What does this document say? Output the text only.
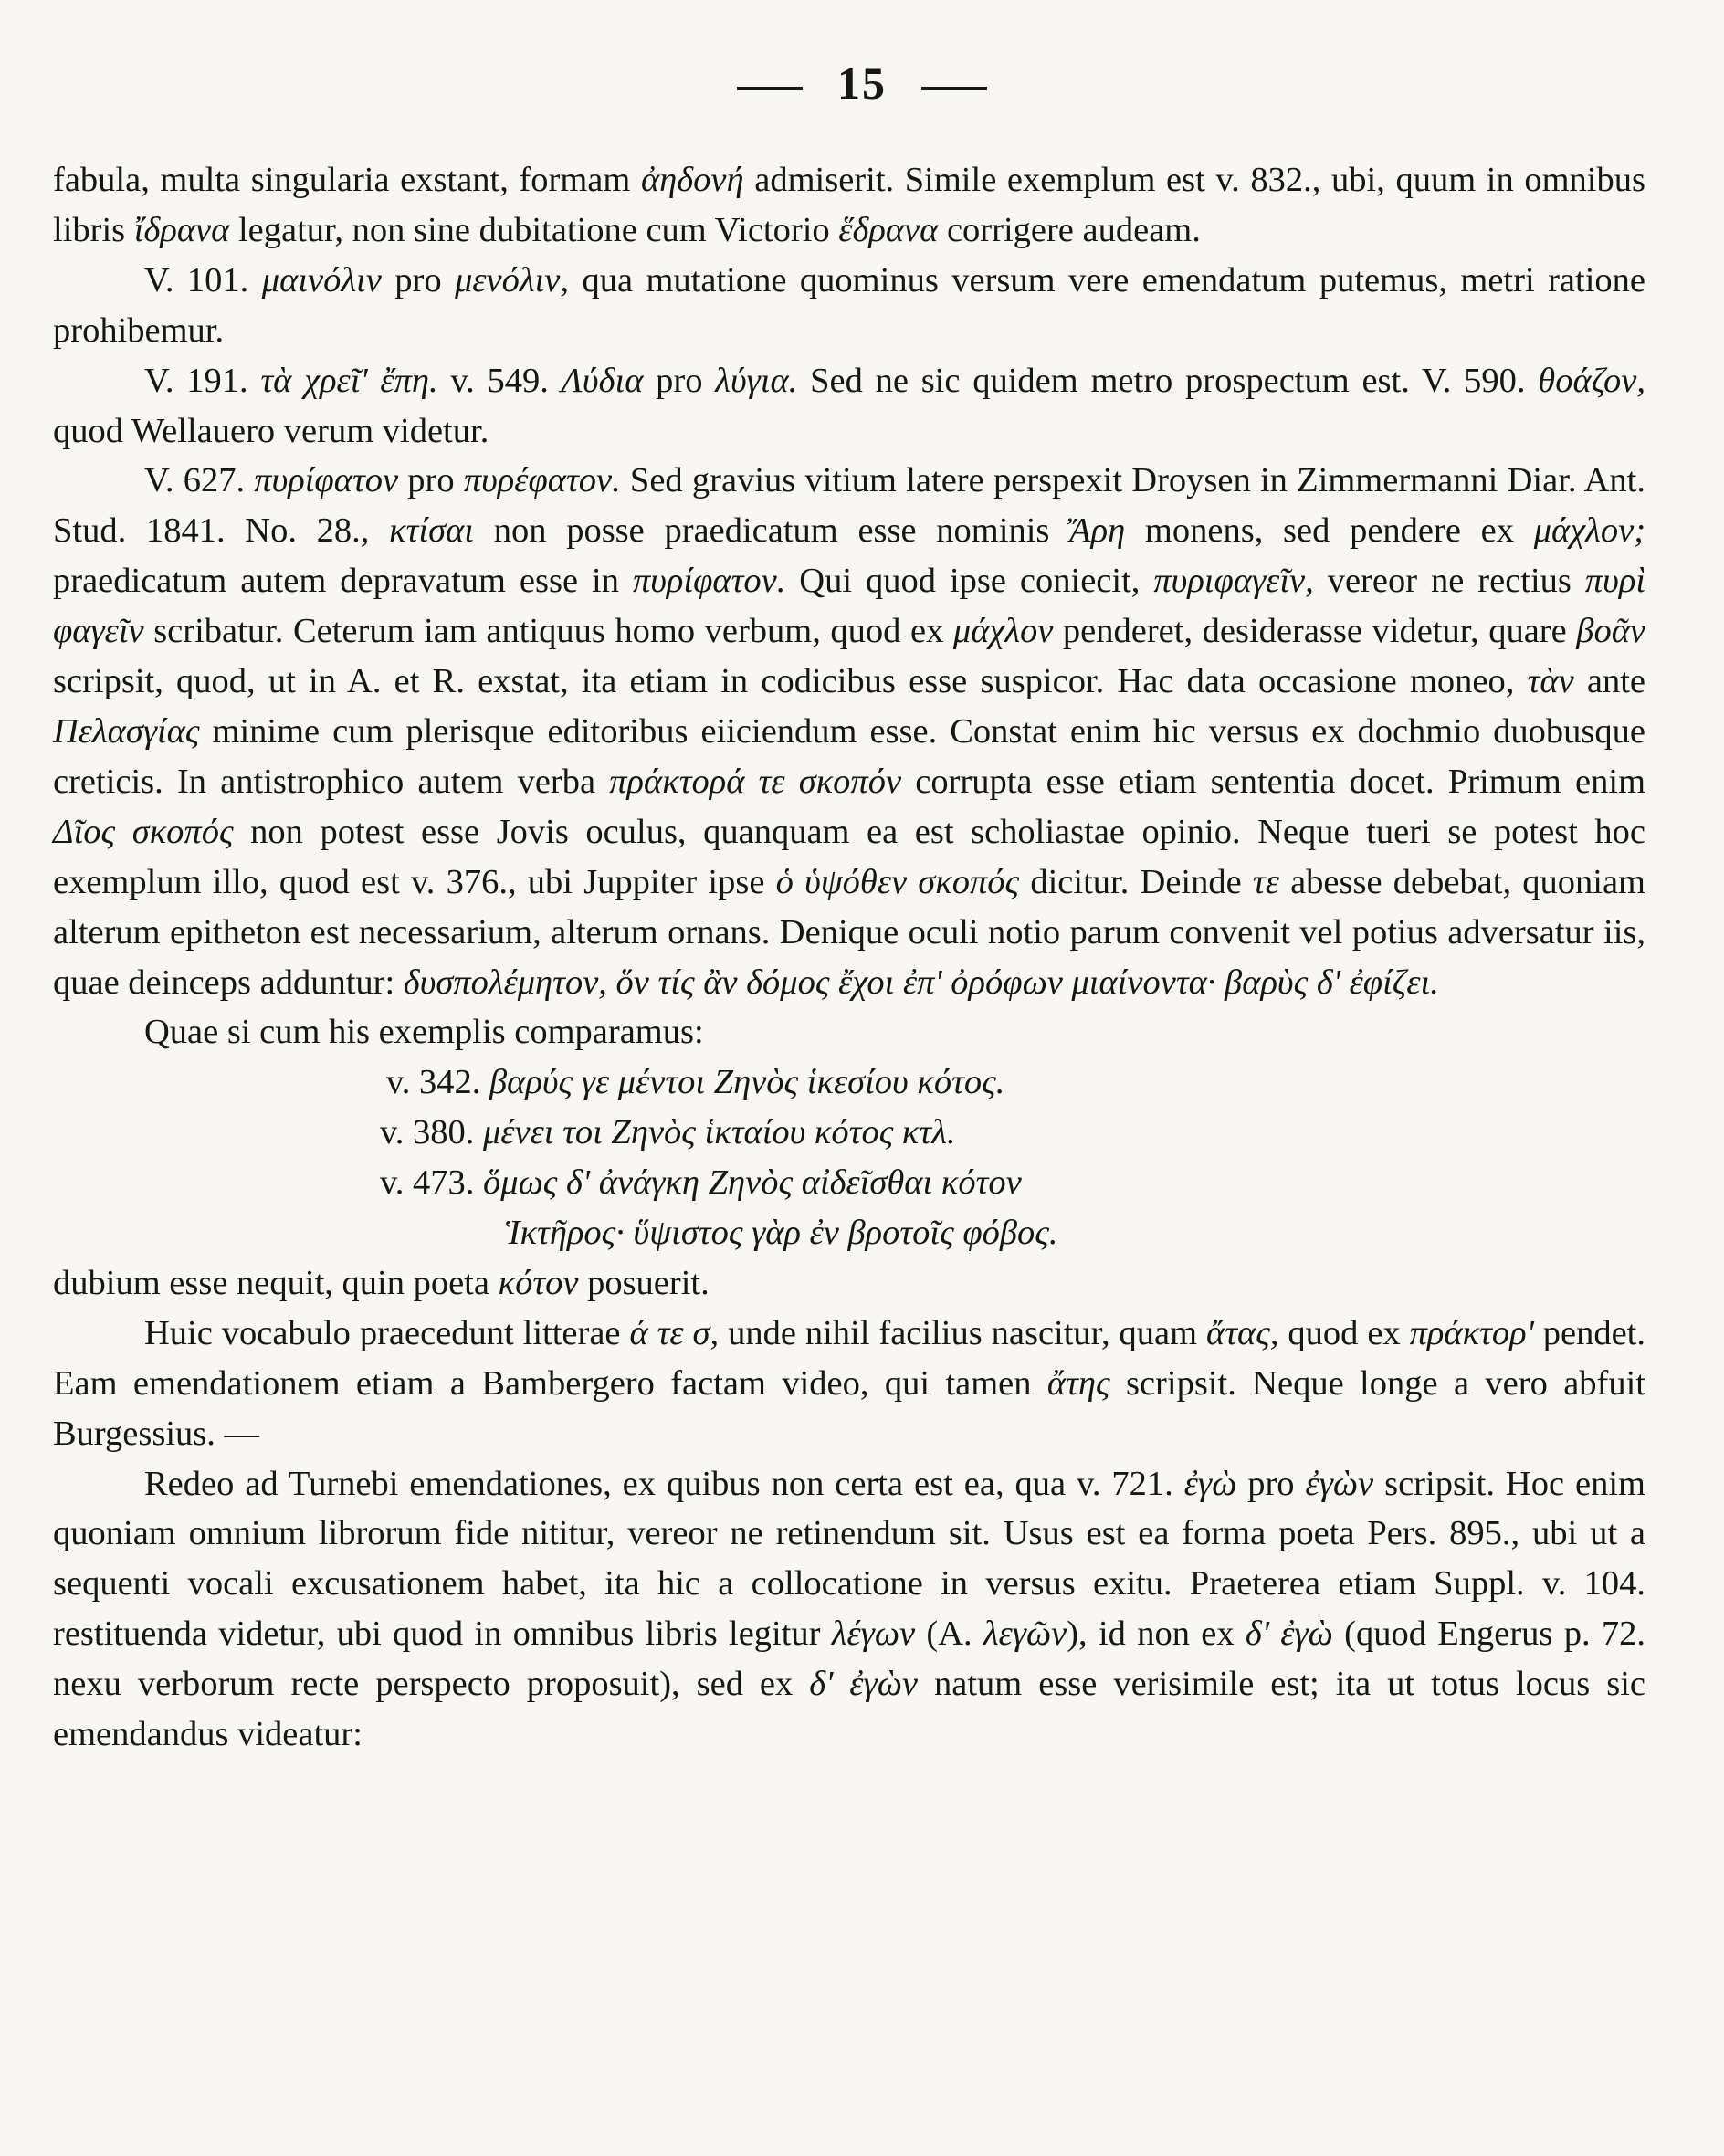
15

fabula, multa singularia exstant, formam ἀηδονή admiserit. Simile exemplum est v. 832., ubi, quum in omnibus libris ἴδρανα legatur, non sine dubitatione cum Victorio ἕδρανα corrigere audeam.

V. 101. μαινόλιν pro μενόλιν, qua mutatione quominus versum vere emendatum putemus, metri ratione prohibemur.

V. 191. τὰ χρεῖ' ἔπη. v. 549. Λύδια pro λύγια. Sed ne sic quidem metro prospectum est. V. 590. θοάζον, quod Wellauero verum videtur.

V. 627. πυρίφατον pro πυρέφατον. Sed gravius vitium latere perspexit Droysen in Zimmermanni Diar. Ant. Stud. 1841. No. 28., κτίσαι non posse praedicatum esse nominis Ἄρη monens, sed pendere ex μάχλον; praedicatum autem depravatum esse in πυρίφατον. Qui quod ipse coniecit, πυριφαγεῖν, vereor ne rectius πυρὶ φαγεῖν scribatur. Ceterum iam antiquus homo verbum, quod ex μάχλον penderet, desiderasse videtur, quare βοᾶν scripsit, quod, ut in A. et R. exstat, ita etiam in codicibus esse suspicor. Hac data occasione moneo, τὰν ante Πελασγίας minime cum plerisque editoribus eiiciendum esse. Constat enim hic versus ex dochmio duobusque creticis. In antistrophico autem verba πράκτορά τε σκοπόν corrupta esse etiam sententia docet. Primum enim Δῖος σκοπός non potest esse Jovis oculus, quanquam ea est scholiastae opinio. Neque tueri se potest hoc exemplum illo, quod est v. 376., ubi Juppiter ipse ὁ ὑψόθεν σκοπός dicitur. Deinde τε abesse debebat, quoniam alterum epitheton est necessarium, alterum ornans. Denique oculi notio parum convenit vel potius adversatur iis, quae deinceps adduntur: δυσπολέμητον, ὅν τίς ἂν δόμος ἔχοι ἐπ' ὀρόφων μιαίνοντα· βαρὺς δ' ἐφίζει.

Quae si cum his exemplis comparamus:

v. 342. βαρύς γε μέντοι Ζηνὸς ἱκεσίου κότος.

v. 380. μένει τοι Ζηνὸς ἱκταίου κότος κτλ.

v. 473. ὅμως δ' ἀνάγκη Ζηνὸς αἰδεῖσθαι κότον

Ἱκτῆρος· ὕψιστος γὰρ ἐν βροτοῖς φόβος.

dubium esse nequit, quin poeta κότον posuerit.

Huic vocabulo praecedunt litterae ά τε σ, unde nihil facilius nascitur, quam ἄτας, quod ex πράκτορ' pendet. Eam emendationem etiam a Bambergero factam video, qui tamen ἄτης scripsit. Neque longe a vero abfuit Burgessius. —

Redeo ad Turnebi emendationes, ex quibus non certa est ea, qua v. 721. ἐγὼ pro ἐγὼν scripsit. Hoc enim quoniam omnium librorum fide nititur, vereor ne retinendum sit. Usus est ea forma poeta Pers. 895., ubi ut a sequenti vocali excusationem habet, ita hic a collocatione in versus exitu. Praeterea etiam Suppl. v. 104. restituenda videtur, ubi quod in omnibus libris legitur λέγων (A. λεγῶν), id non ex δ' ἐγὼ (quod Engerus p. 72. nexu verborum recte perspecto proposuit), sed ex δ' ἐγὼν natum esse verisimile est; ita ut totus locus sic emendandus videatur:
